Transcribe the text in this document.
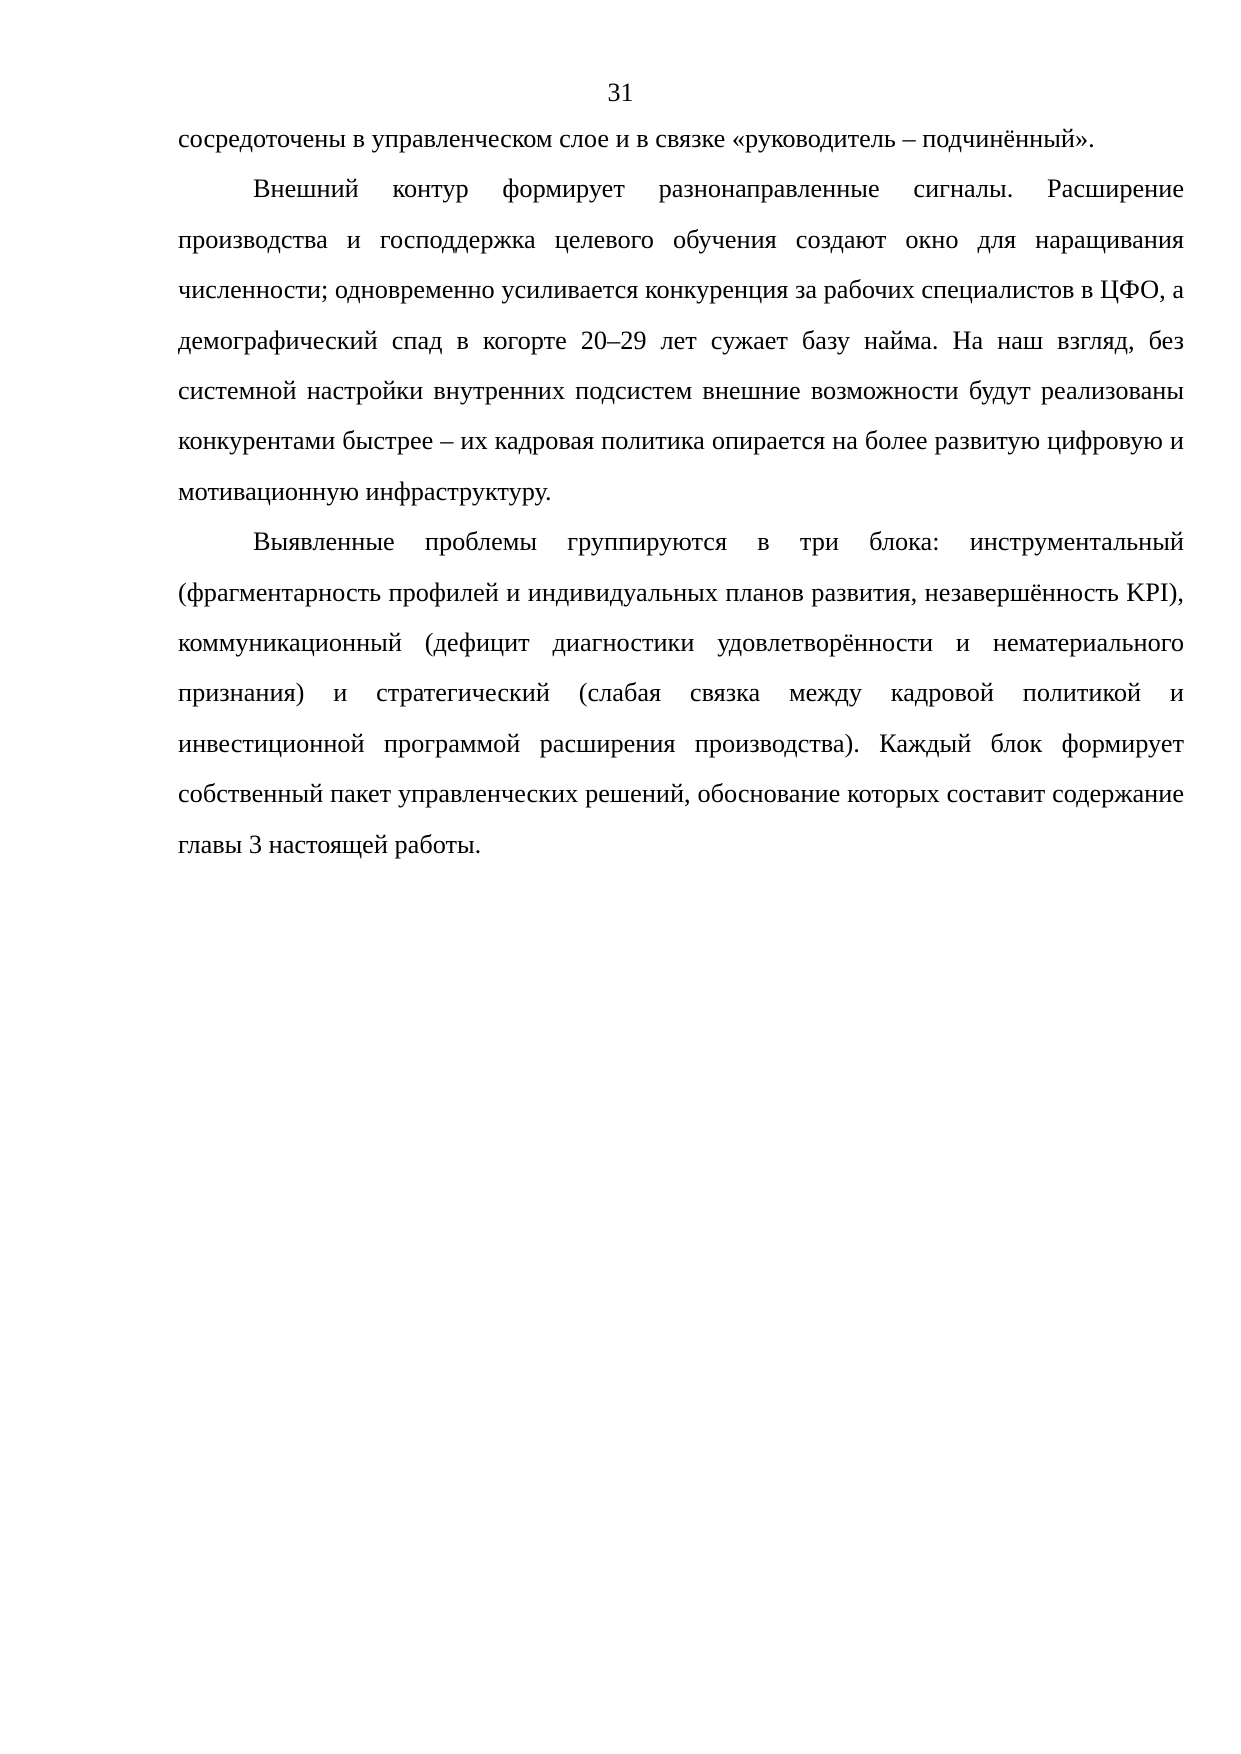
31

сосредоточены в управленческом слое и в связке «руководитель – подчинённый».

Внешний контур формирует разнонаправленные сигналы. Расширение производства и господдержка целевого обучения создают окно для наращивания численности; одновременно усиливается конкуренция за рабочих специалистов в ЦФО, а демографический спад в когорте 20–29 лет сужает базу найма. На наш взгляд, без системной настройки внутренних подсистем внешние возможности будут реализованы конкурентами быстрее – их кадровая политика опирается на более развитую цифровую и мотивационную инфраструктуру.

Выявленные проблемы группируются в три блока: инструментальный (фрагментарность профилей и индивидуальных планов развития, незавершённость KPI), коммуникационный (дефицит диагностики удовлетворённости и нематериального признания) и стратегический (слабая связка между кадровой политикой и инвестиционной программой расширения производства). Каждый блок формирует собственный пакет управленческих решений, обоснование которых составит содержание главы 3 настоящей работы.
